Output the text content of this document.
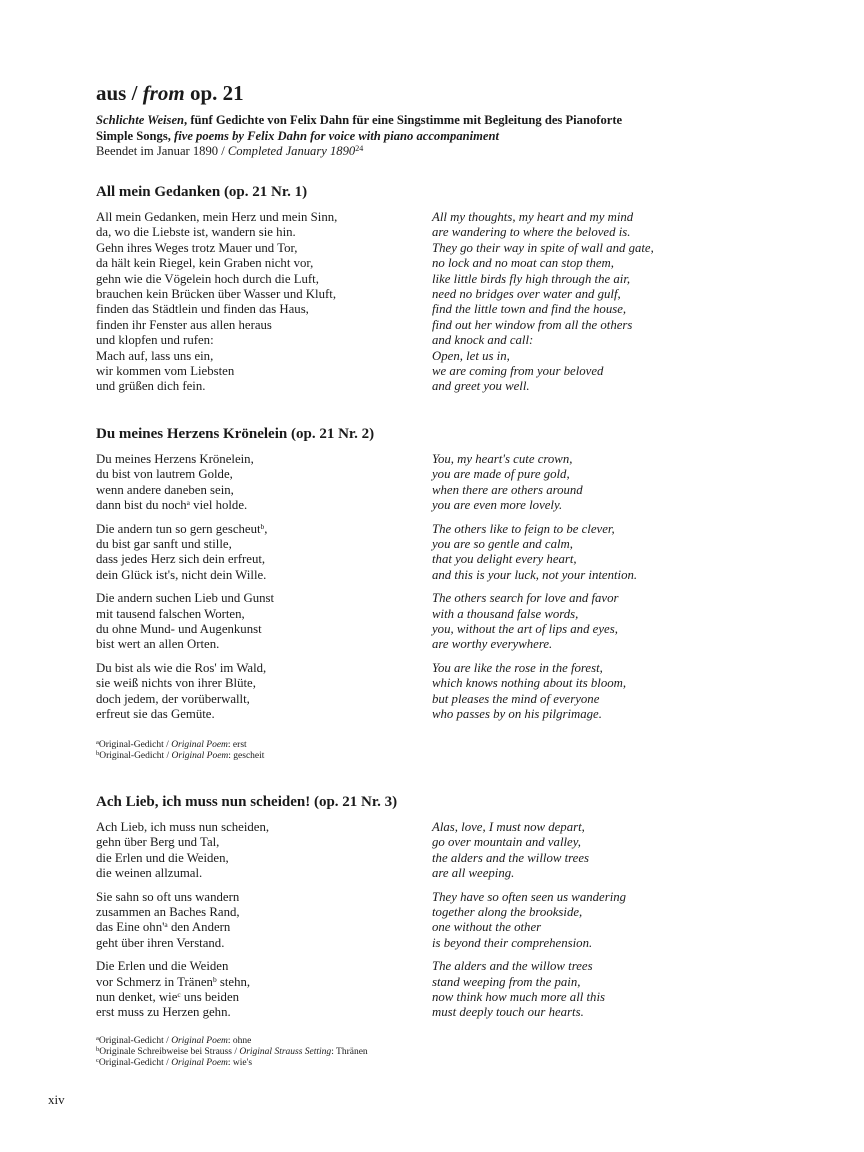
aus / from op. 21
Schlichte Weisen, fünf Gedichte von Felix Dahn für eine Singstimme mit Begleitung des Pianoforte
Simple Songs, five poems by Felix Dahn for voice with piano accompaniment
Beendet im Januar 1890 / Completed January 1890$^{24}$
All mein Gedanken (op. 21 Nr. 1)
All mein Gedanken, mein Herz und mein Sinn,
da, wo die Liebste ist, wandern sie hin.
Gehn ihres Weges trotz Mauer und Tor,
da hält kein Riegel, kein Graben nicht vor,
gehn wie die Vögelein hoch durch die Luft,
brauchen kein Brücken über Wasser und Kluft,
finden das Städtlein und finden das Haus,
finden ihr Fenster aus allen heraus
und klopfen und rufen:
Mach auf, lass uns ein,
wir kommen vom Liebsten
und grüßen dich fein.
All my thoughts, my heart and my mind
are wandering to where the beloved is.
They go their way in spite of wall and gate,
no lock and no moat can stop them,
like little birds fly high through the air,
need no bridges over water and gulf,
find the little town and find the house,
find out her window from all the others
and knock and call:
Open, let us in,
we are coming from your beloved
and greet you well.
Du meines Herzens Krönelein (op. 21 Nr. 2)
Du meines Herzens Krönelein,
du bist von lautrem Golde,
wenn andere daneben sein,
dann bist du noch$^a$ viel holde.
Die andern tun so gern gescheut$^b$,
du bist gar sanft und stille,
dass jedes Herz sich dein erfreut,
dein Glück ist's, nicht dein Wille.
Die andern suchen Lieb und Gunst
mit tausend falschen Worten,
du ohne Mund- und Augenkunst
bist wert an allen Orten.
Du bist als wie die Ros' im Wald,
sie weiß nichts von ihrer Blüte,
doch jedem, der vorüberwallt,
erfreut sie das Gemüte.
You, my heart's cute crown,
you are made of pure gold,
when there are others around
you are even more lovely.
The others like to feign to be clever,
you are so gentle and calm,
that you delight every heart,
and this is your luck, not your intention.
The others search for love and favor
with a thousand false words,
you, without the art of lips and eyes,
are worthy everywhere.
You are like the rose in the forest,
which knows nothing about its bloom,
but pleases the mind of everyone
who passes by on his pilgrimage.
$^a$Original-Gedicht / Original Poem: erst
$^b$Original-Gedicht / Original Poem: gescheit
Ach Lieb, ich muss nun scheiden! (op. 21 Nr. 3)
Ach Lieb, ich muss nun scheiden,
gehn über Berg und Tal,
die Erlen und die Weiden,
die weinen allzumal.
Sie sahn so oft uns wandern
zusammen an Baches Rand,
das Eine $ohn'^a$ den Andern
geht über ihren Verstand.
Die Erlen und die Weiden
vor Schmerz in Tränen$^b$ stehn,
nun denket, wie$^c$ uns beiden
erst muss zu Herzen gehn.
Alas, love, I must now depart,
go over mountain and valley,
the alders and the willow trees
are all weeping.
They have so often seen us wandering
together along the brookside,
one without the other
is beyond their comprehension.
The alders and the willow trees
stand weeping from the pain,
now think how much more all this
must deeply touch our hearts.
$^a$Original-Gedicht / Original Poem: ohne
$^b$Originale Schreibweise bei Strauss / Original Strauss Setting: Thränen
$^c$Original-Gedicht / Original Poem: wie's
xiv
